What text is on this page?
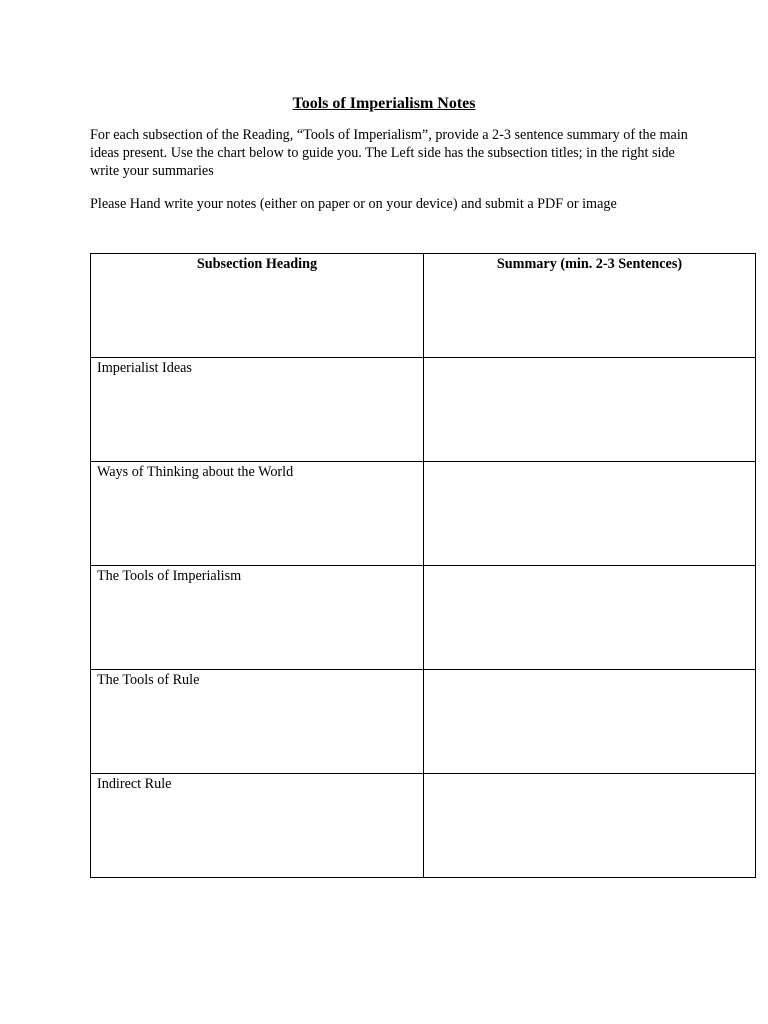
Tools of Imperialism Notes

For each subsection of the Reading, “Tools of Imperialism”, provide a 2-3 sentence summary of the main ideas present. Use the chart below to guide you. The Left side has the subsection titles; in the right side write your summaries

Please Hand write your notes (either on paper or on your device) and submit a PDF or image

Subsection Heading	Summary (min. 2-3 Sentences)
Imperialist Ideas	
Ways of Thinking about the World	
The Tools of Imperialism	
The Tools of Rule	
Indirect Rule	
